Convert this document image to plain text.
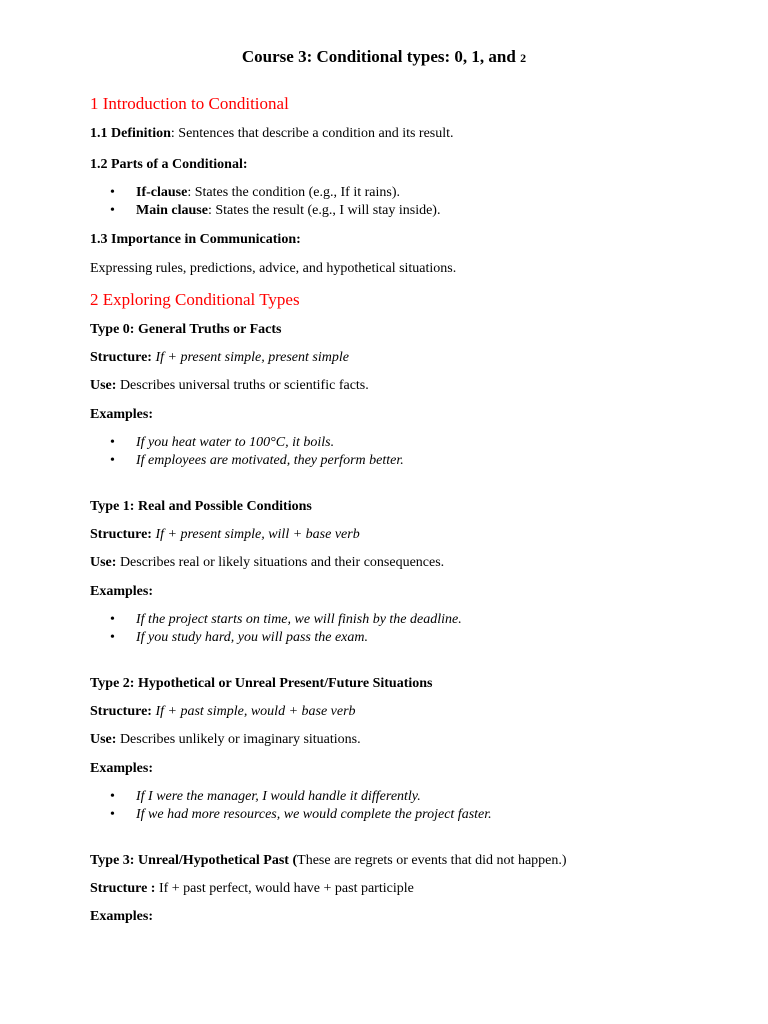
Course 3: Conditional types: 0, 1, and 2
1 Introduction to Conditional
1.1 Definition: Sentences that describe a condition and its result.
1.2 Parts of a Conditional:
• If-clause: States the condition (e.g., If it rains).
• Main clause: States the result (e.g., I will stay inside).
1.3 Importance in Communication:
Expressing rules, predictions, advice, and hypothetical situations.
2 Exploring Conditional Types
Type 0: General Truths or Facts
Structure: If + present simple, present simple
Use: Describes universal truths or scientific facts.
Examples:
• If you heat water to 100°C, it boils.
• If employees are motivated, they perform better.
Type 1: Real and Possible Conditions
Structure: If + present simple, will + base verb
Use: Describes real or likely situations and their consequences.
Examples:
• If the project starts on time, we will finish by the deadline.
• If you study hard, you will pass the exam.
Type 2: Hypothetical or Unreal Present/Future Situations
Structure: If + past simple, would + base verb
Use: Describes unlikely or imaginary situations.
Examples:
• If I were the manager, I would handle it differently.
• If we had more resources, we would complete the project faster.
Type 3: Unreal/Hypothetical Past (These are regrets or events that did not happen.)
Structure : If + past perfect, would have + past participle
Examples:
